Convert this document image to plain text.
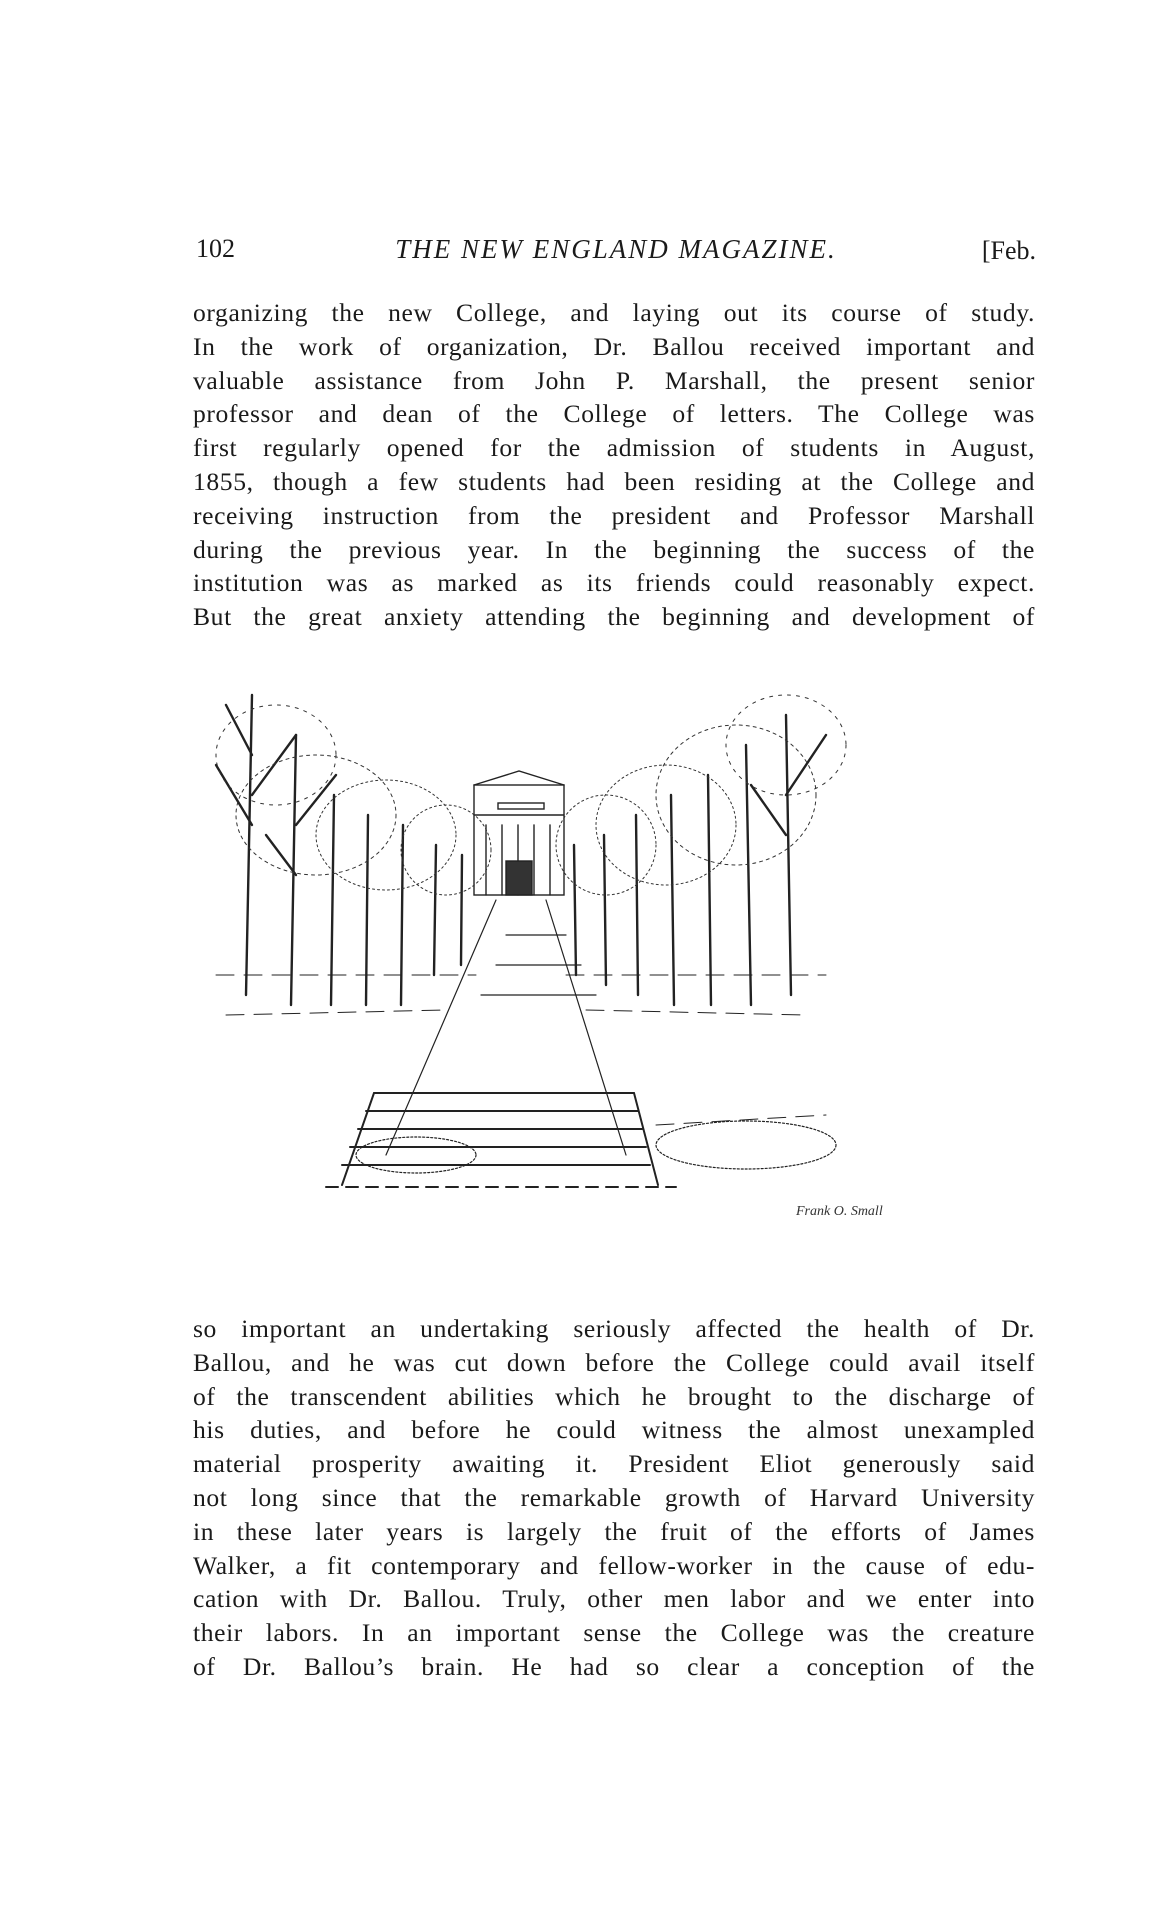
102	THE NEW ENGLAND MAGAZINE.	[Feb.
organizing the new College, and laying out its course of study.
In the work of organization, Dr. Ballou received important and
valuable assistance from John P. Marshall, the present senior
professor and dean of the College of letters. The College was
first regularly opened for the admission of students in August,
1855, though a few students had been residing at the College and
receiving instruction from the president and Professor Marshall
during the previous year. In the beginning the success of the
institution was as marked as its friends could reasonably expect.
But the great anxiety attending the beginning and development of
Frank O. Small
so important an undertaking seriously affected the health of Dr.
Ballou, and he was cut down before the College could avail itself
of the transcendent abilities which he brought to the discharge of
his duties, and before he could witness the almost unexampled
material prosperity awaiting it. President Eliot generously said
not long since that the remarkable growth of Harvard University
in these later years is largely the fruit of the efforts of James
Walker, a fit contemporary and fellow-worker in the cause of edu-
cation with Dr. Ballou. Truly, other men labor and we enter into
their labors. In an important sense the College was the creature
of Dr. Ballou’s brain. He had so clear a conception of the
